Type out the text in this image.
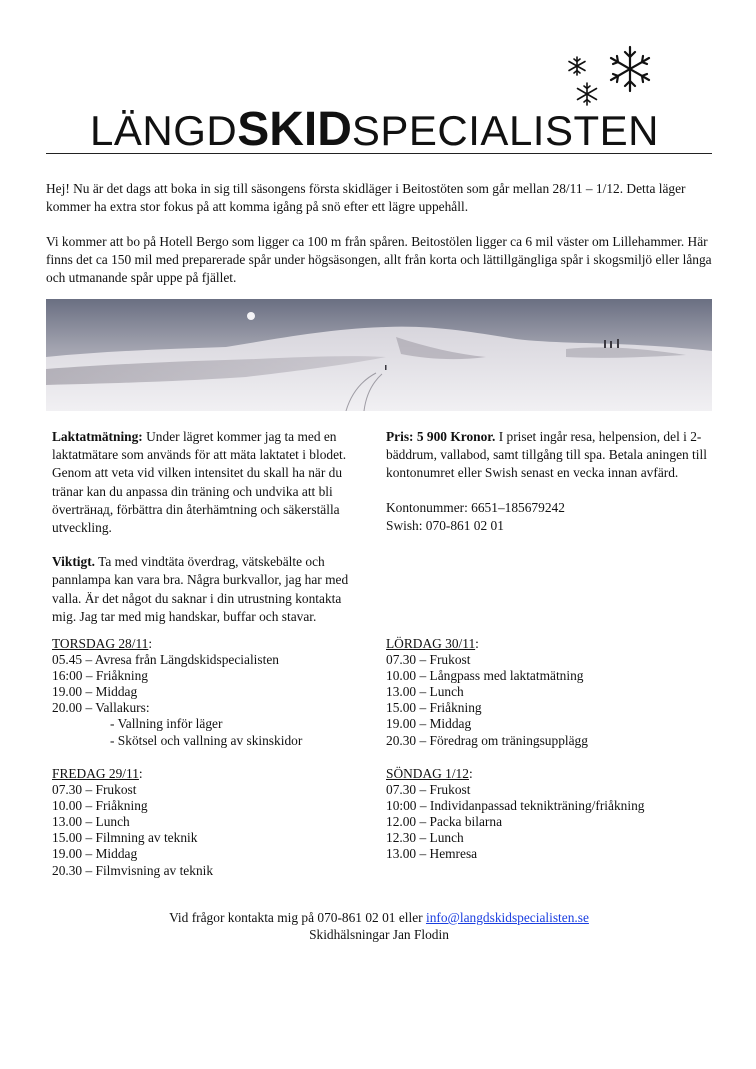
LÄNGDSKIDSPECIALISTEN
Hej! Nu är det dags att boka in sig till säsongens första skidläger i Beitostöten som går mellan 28/11 – 1/12. Detta läger kommer ha extra stor fokus på att komma igång på snö efter ett lägre uppehåll.
Vi kommer att bo på Hotell Bergo som ligger ca 100 m från spåren. Beitostölen ligger ca 6 mil väster om Lillehammer. Här finns det ca 150 mil med preparerade spår under högsäsongen, allt från korta och lättillgängliga spår i skogsmiljö eller långa och utmanande spår uppe på fjället.

Laktatmätning: Under lägret kommer jag ta med en laktatmätare som används för att mäta laktatet i blodet. Genom att veta vid vilken intensitet du skall ha när du tränar kan du anpassa din träning och undvika att bli överträнад, förbättra din återhämtning och säkerställa utveckling.

Viktigt. Ta med vindtäta överdrag, vätskebälte och pannlampa kan vara bra. Några burkvallor, jag har med valla. Är det något du saknar i din utrustning kontakta mig. Jag tar med mig handskar, buffar och stavar.

Pris: 5 900 Kronor. I priset ingår resa, helpension, del i 2-bäddrum, vallabod, samt tillgång till spa. Betala aningen till kontonumret eller Swish senast en vecka innan avfärd.

Kontonummer: 6651–185679242
Swish: 070-861 02 01

TORSDAG 28/11:

05.45 – Avresa från Längdskidspecialisten

16:00 – Friåkning

19.00 – Middag

20.00 – Vallakurs:

- Vallning inför läger

- Skötsel och vallning av skinskidor

FREDAG 29/11:

07.30 – Frukost

10.00 – Friåkning

13.00 – Lunch

15.00 – Filmning av teknik

19.00 – Middag

20.30 – Filmvisning av teknik

LÖRDAG 30/11:

07.30 – Frukost

10.00 – Långpass med laktatmätning

13.00 – Lunch

15.00 – Friåkning

19.00 – Middag

20.30 – Föredrag om träningsupplägg

SÖNDAG 1/12:

07.30 – Frukost

10:00 – Individanpassad teknikträning/friåkning

12.00 – Packa bilarna

12.30 – Lunch

13.00 – Hemresa

Vid frågor kontakta mig på 070-861 02 01 eller info@langdskidspecialisten.se
Skidhälsningar Jan Flodin
